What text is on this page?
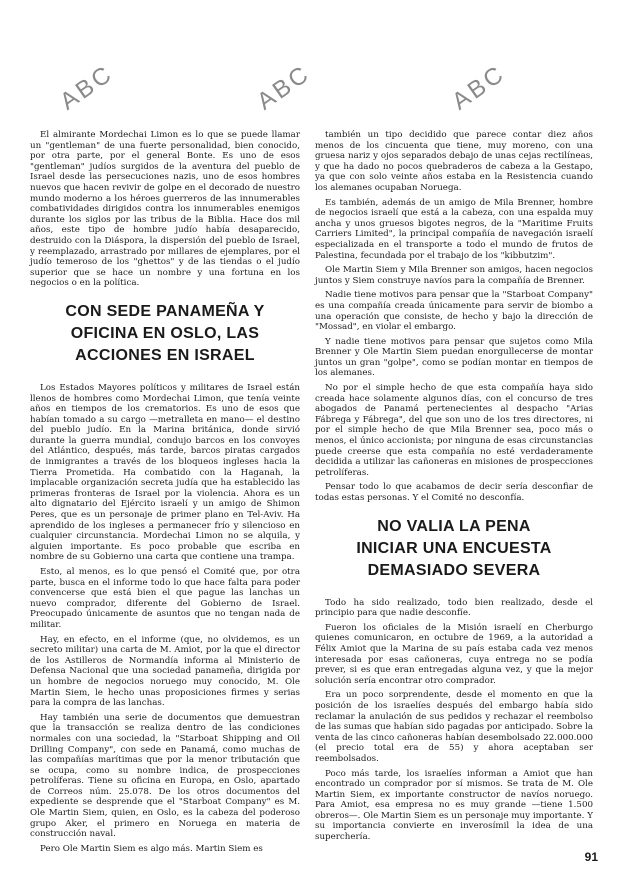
ABC	ABC	ABC

El almirante Mordechai Limon es lo que se puede llamar un "gentleman" de una fuerte personalidad, bien conocido, por otra parte, por el general Bonte. Es uno de esos "gentleman" judíos surgidos de la aventura del pueblo de Israel desde las persecuciones nazis, uno de esos hombres nuevos que hacen revivir de golpe en el decorado de nuestro mundo moderno a los héroes guerreros de las innumerables combatividades dirigidos contra los innumerables enemigos durante los siglos por las tribus de la Biblia. Hace dos mil años, este tipo de hombre judío había desaparecido, destruido con la Diáspora, la dispersión del pueblo de Israel, y reemplazado, arrastrado por millares de ejemplares, por el judío temeroso de los "ghettos" y de las tiendas o el judío superior que se hace un nombre y una fortuna en los negocios o en la política.

CON SEDE PANAMEÑA Y OFICINA EN OSLO, LAS ACCIONES EN ISRAEL

Los Estados Mayores políticos y militares de Israel están llenos de hombres como Mordechai Limon, que tenía veinte años en tiempos de los crematorios. Es uno de esos que habían tomado a su cargo —metralleta en mano— el destino del pueblo judío. En la Marina británica, donde sirvió durante la guerra mundial, condujo barcos en los convoyes del Atlántico, después, más tarde, barcos piratas cargados de inmigrantes a través de los bloqueos ingleses hacia la Tierra Prometida. Ha combatido con la Haganah, la implacable organización secreta judía que ha establecido las primeras fronteras de Israel por la violencia. Ahora es un alto dignatario del Ejército israelí y un amigo de Shimon Peres, que es un personaje de primer plano en Tel-Aviv. Ha aprendido de los ingleses a permanecer frío y silencioso en cualquier circunstancia. Mordechai Limon no se alquila, y alguien importante. Es poco probable que escriba en nombre de su Gobierno una carta que contiene una trampa.

Esto, al menos, es lo que pensó el Comité que, por otra parte, busca en el informe todo lo que hace falta para poder convencerse que está bien el que pague las lanchas un nuevo comprador, diferente del Gobierno de Israel. Preocupado únicamente de asuntos que no tengan nada de militar.

Hay, en efecto, en el informe (que, no olvidemos, es un secreto militar) una carta de M. Amiot, por la que el director de los Astilleros de Normandía informa al Ministerio de Defensa Nacional que una sociedad panameña, dirigida por un hombre de negocios noruego muy conocido, M. Ole Martin Siem, le hecho unas proposiciones firmes y serias para la compra de las lanchas.

Hay también una serie de documentos que demuestran que la transacción se realiza dentro de las condiciones normales con una sociedad, la "Starboat Shipping and Oil Drilling Company", con sede en Panamá, como muchas de las compañías marítimas que por la menor tributación que se ocupa, como su nombre indica, de prospecciones petrolíferas. Tiene su oficina en Europa, en Oslo, apartado de Correos núm. 25.078. De los otros documentos del expediente se desprende que el "Starboat Company" es M. Ole Martin Siem, quien, en Oslo, es la cabeza del poderoso grupo Aker, el primero en Noruega en materia de construcción naval.

Pero Ole Martin Siem es algo más. Martin Siem es

también un tipo decidido que parece contar diez años menos de los cincuenta que tiene, muy moreno, con una gruesa nariz y ojos separados debajo de unas cejas rectilíneas, y que ha dado no pocos quebraderos de cabeza a la Gestapo, ya que con solo veinte años estaba en la Resistencia cuando los alemanes ocupaban Noruega.

Es también, además de un amigo de Mila Brenner, hombre de negocios israelí que está a la cabeza, con una espalda muy ancha y unos gruesos bigotes negros, de la "Maritime Fruits Carriers Limited", la principal compañía de navegación israelí especializada en el transporte a todo el mundo de frutos de Palestina, fecundada por el trabajo de los "kibbutzim".

Ole Martin Siem y Mila Brenner son amigos, hacen negocios juntos y Siem construye navíos para la compañía de Brenner.

Nadie tiene motivos para pensar que la "Starboat Company" es una compañía creada únicamente para servir de biombo a una operación que consiste, de hecho y bajo la dirección de "Mossad", en violar el embargo.

Y nadie tiene motivos para pensar que sujetos como Mila Brenner y Ole Martin Siem puedan enorgullecerse de montar juntos un gran "golpe", como se podían montar en tiempos de los alemanes.

No por el simple hecho de que esta compañía haya sido creada hace solamente algunos días, con el concurso de tres abogados de Panamá pertenecientes al despacho "Arias Fábrega y Fábrega", del que son uno de los tres directores, ni por el simple hecho de que Mila Brenner sea, poco más o menos, el único accionista; por ninguna de esas circunstancias puede creerse que esta compañía no esté verdaderamente decidida a utilizar las cañoneras en misiones de prospecciones petrolíferas.

Pensar todo lo que acabamos de decir sería desconfiar de todas estas personas. Y el Comité no desconfía.

NO VALIA LA PENA INICIAR UNA ENCUESTA DEMASIADO SEVERA

Todo ha sido realizado, todo bien realizado, desde el principio para que nadie desconfíe.

Fueron los oficiales de la Misión israelí en Cherburgo quienes comunicaron, en octubre de 1969, a la autoridad a Félix Amiot que la Marina de su país estaba cada vez menos interesada por esas cañoneras, cuya entrega no se podía prever, si es que eran entregadas alguna vez, y que la mejor solución sería encontrar otro comprador.

Era un poco sorprendente, desde el momento en que la posición de los israelíes después del embargo había sido reclamar la anulación de sus pedidos y rechazar el reembolso de las sumas que habían sido pagadas por anticipado. Sobre la venta de las cinco cañoneras habían desembolsado 22.000.000 (el precio total era de 55) y ahora aceptaban ser reembolsados.

Poco más tarde, los israelíes informan a Amiot que han encontrado un comprador por sí mismos. Se trata de M. Ole Martin Siem, ex importante constructor de navíos noruego. Para Amiot, esa empresa no es muy grande —tiene 1.500 obreros—. Ole Martin Siem es un personaje muy importante. Y su importancia convierte en inverosímil la idea de una superchería.

91
